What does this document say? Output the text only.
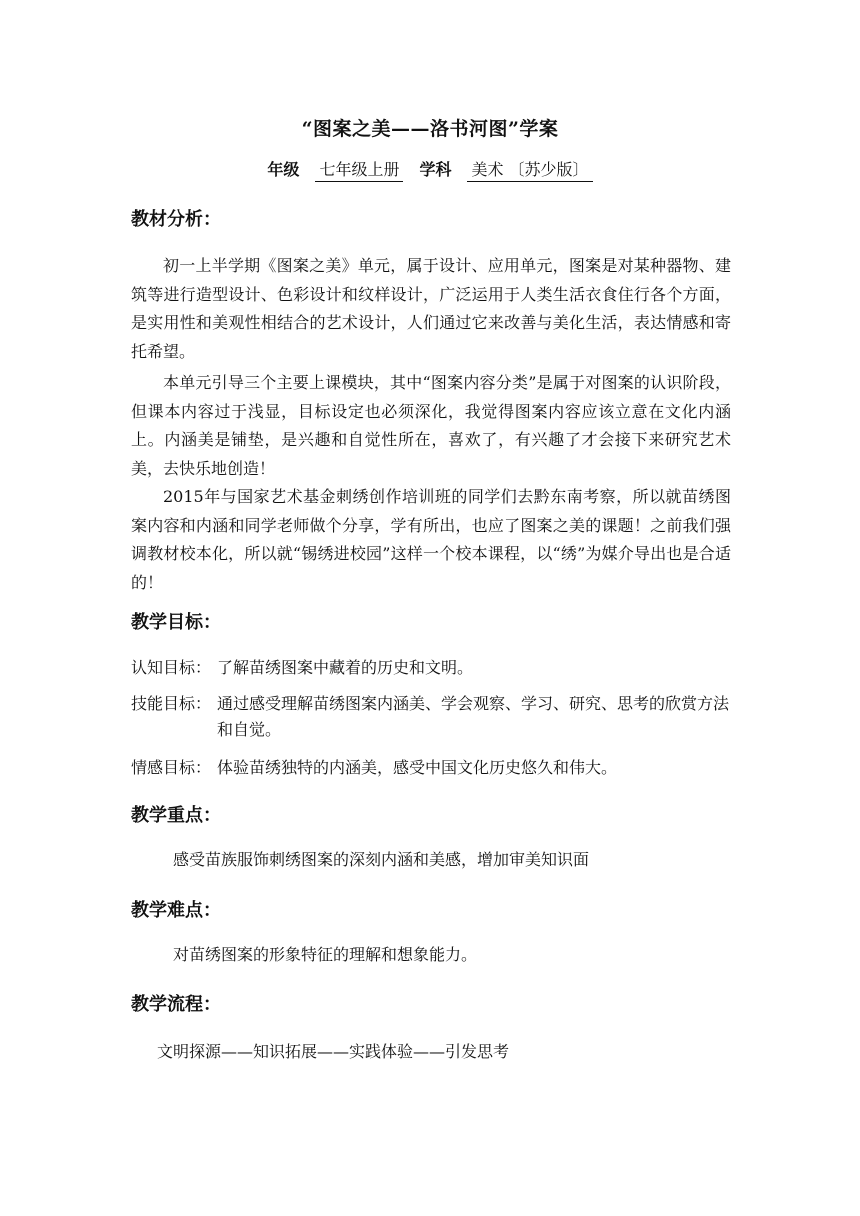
“图案之美——洛书河图”学案
年级 七年级上册 学科 美术 〔苏少版〕
教材分析：
初一上半学期《图案之美》单元，属于设计、应用单元，图案是对某种器物、建筑等进行造型设计、色彩设计和纹样设计，广泛运用于人类生活衣食住行各个方面，是实用性和美观性相结合的艺术设计，人们通过它来改善与美化生活，表达情感和寄托希望。
本单元引导三个主要上课模块，其中“图案内容分类”是属于对图案的认识阶段，但课本内容过于浅显，目标设定也必须深化，我觉得图案内容应该立意在文化内涵上。内涵美是铺垫，是兴趣和自觉性所在，喜欢了，有兴趣了才会接下来研究艺术美，去快乐地创造！
2015年与国家艺术基金刺绣创作培训班的同学们去黔东南考察，所以就苗绣图案内容和内涵和同学老师做个分享，学有所出，也应了图案之美的课题！之前我们强调教材校本化，所以就“锡绣进校园”这样一个校本课程，以“绣”为媒介导出也是合适的！
教学目标：
认知目标： 了解苗绣图案中藏着的历史和文明。
技能目标： 通过感受理解苗绣图案内涵美、学会观察、学习、研究、思考的欣赏方法和自觉。
情感目标： 体验苗绣独特的内涵美，感受中国文化历史悠久和伟大。
教学重点：
感受苗族服饰刺绣图案的深刻内涵和美感，增加审美知识面
教学难点：
对苗绣图案的形象特征的理解和想象能力。
教学流程：
文明探源——知识拓展——实践体验——引发思考
